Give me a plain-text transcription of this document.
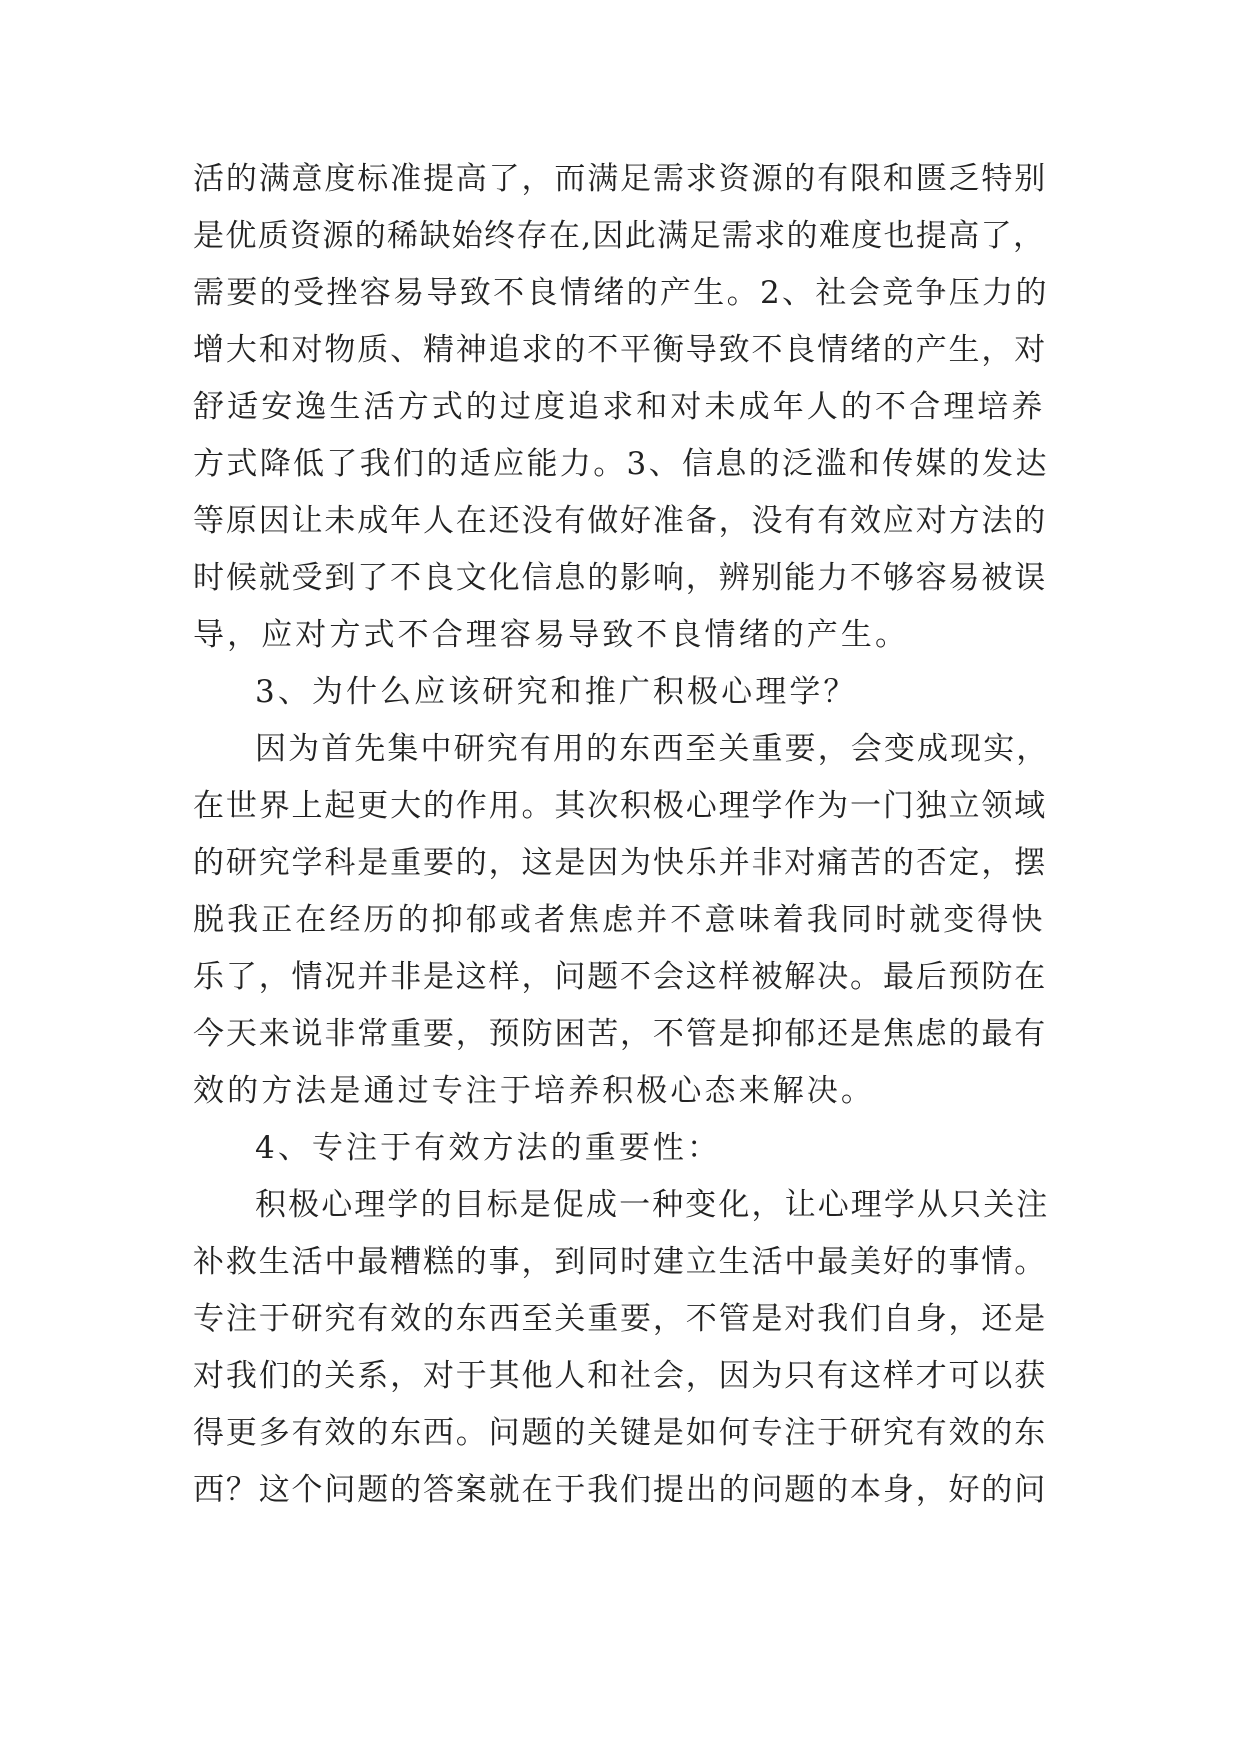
活的满意度标准提高了，而满足需求资源的有限和匮乏特别
是优质资源的稀缺始终存在,因此满足需求的难度也提高了，
需要的受挫容易导致不良情绪的产生。2、社会竞争压力的
增大和对物质、精神追求的不平衡导致不良情绪的产生，对
舒适安逸生活方式的过度追求和对未成年人的不合理培养
方式降低了我们的适应能力。3、信息的泛滥和传媒的发达
等原因让未成年人在还没有做好准备，没有有效应对方法的
时候就受到了不良文化信息的影响，辨别能力不够容易被误
导，应对方式不合理容易导致不良情绪的产生。
3、为什么应该研究和推广积极心理学？
因为首先集中研究有用的东西至关重要，会变成现实，
在世界上起更大的作用。其次积极心理学作为一门独立领域
的研究学科是重要的，这是因为快乐并非对痛苦的否定，摆
脱我正在经历的抑郁或者焦虑并不意味着我同时就变得快
乐了，情况并非是这样，问题不会这样被解决。最后预防在
今天来说非常重要，预防困苦，不管是抑郁还是焦虑的最有
效的方法是通过专注于培养积极心态来解决。
4、专注于有效方法的重要性：
积极心理学的目标是促成一种变化，让心理学从只关注
补救生活中最糟糕的事，到同时建立生活中最美好的事情。
专注于研究有效的东西至关重要，不管是对我们自身，还是
对我们的关系，对于其他人和社会，因为只有这样才可以获
得更多有效的东西。问题的关键是如何专注于研究有效的东
西？这个问题的答案就在于我们提出的问题的本身，好的问
